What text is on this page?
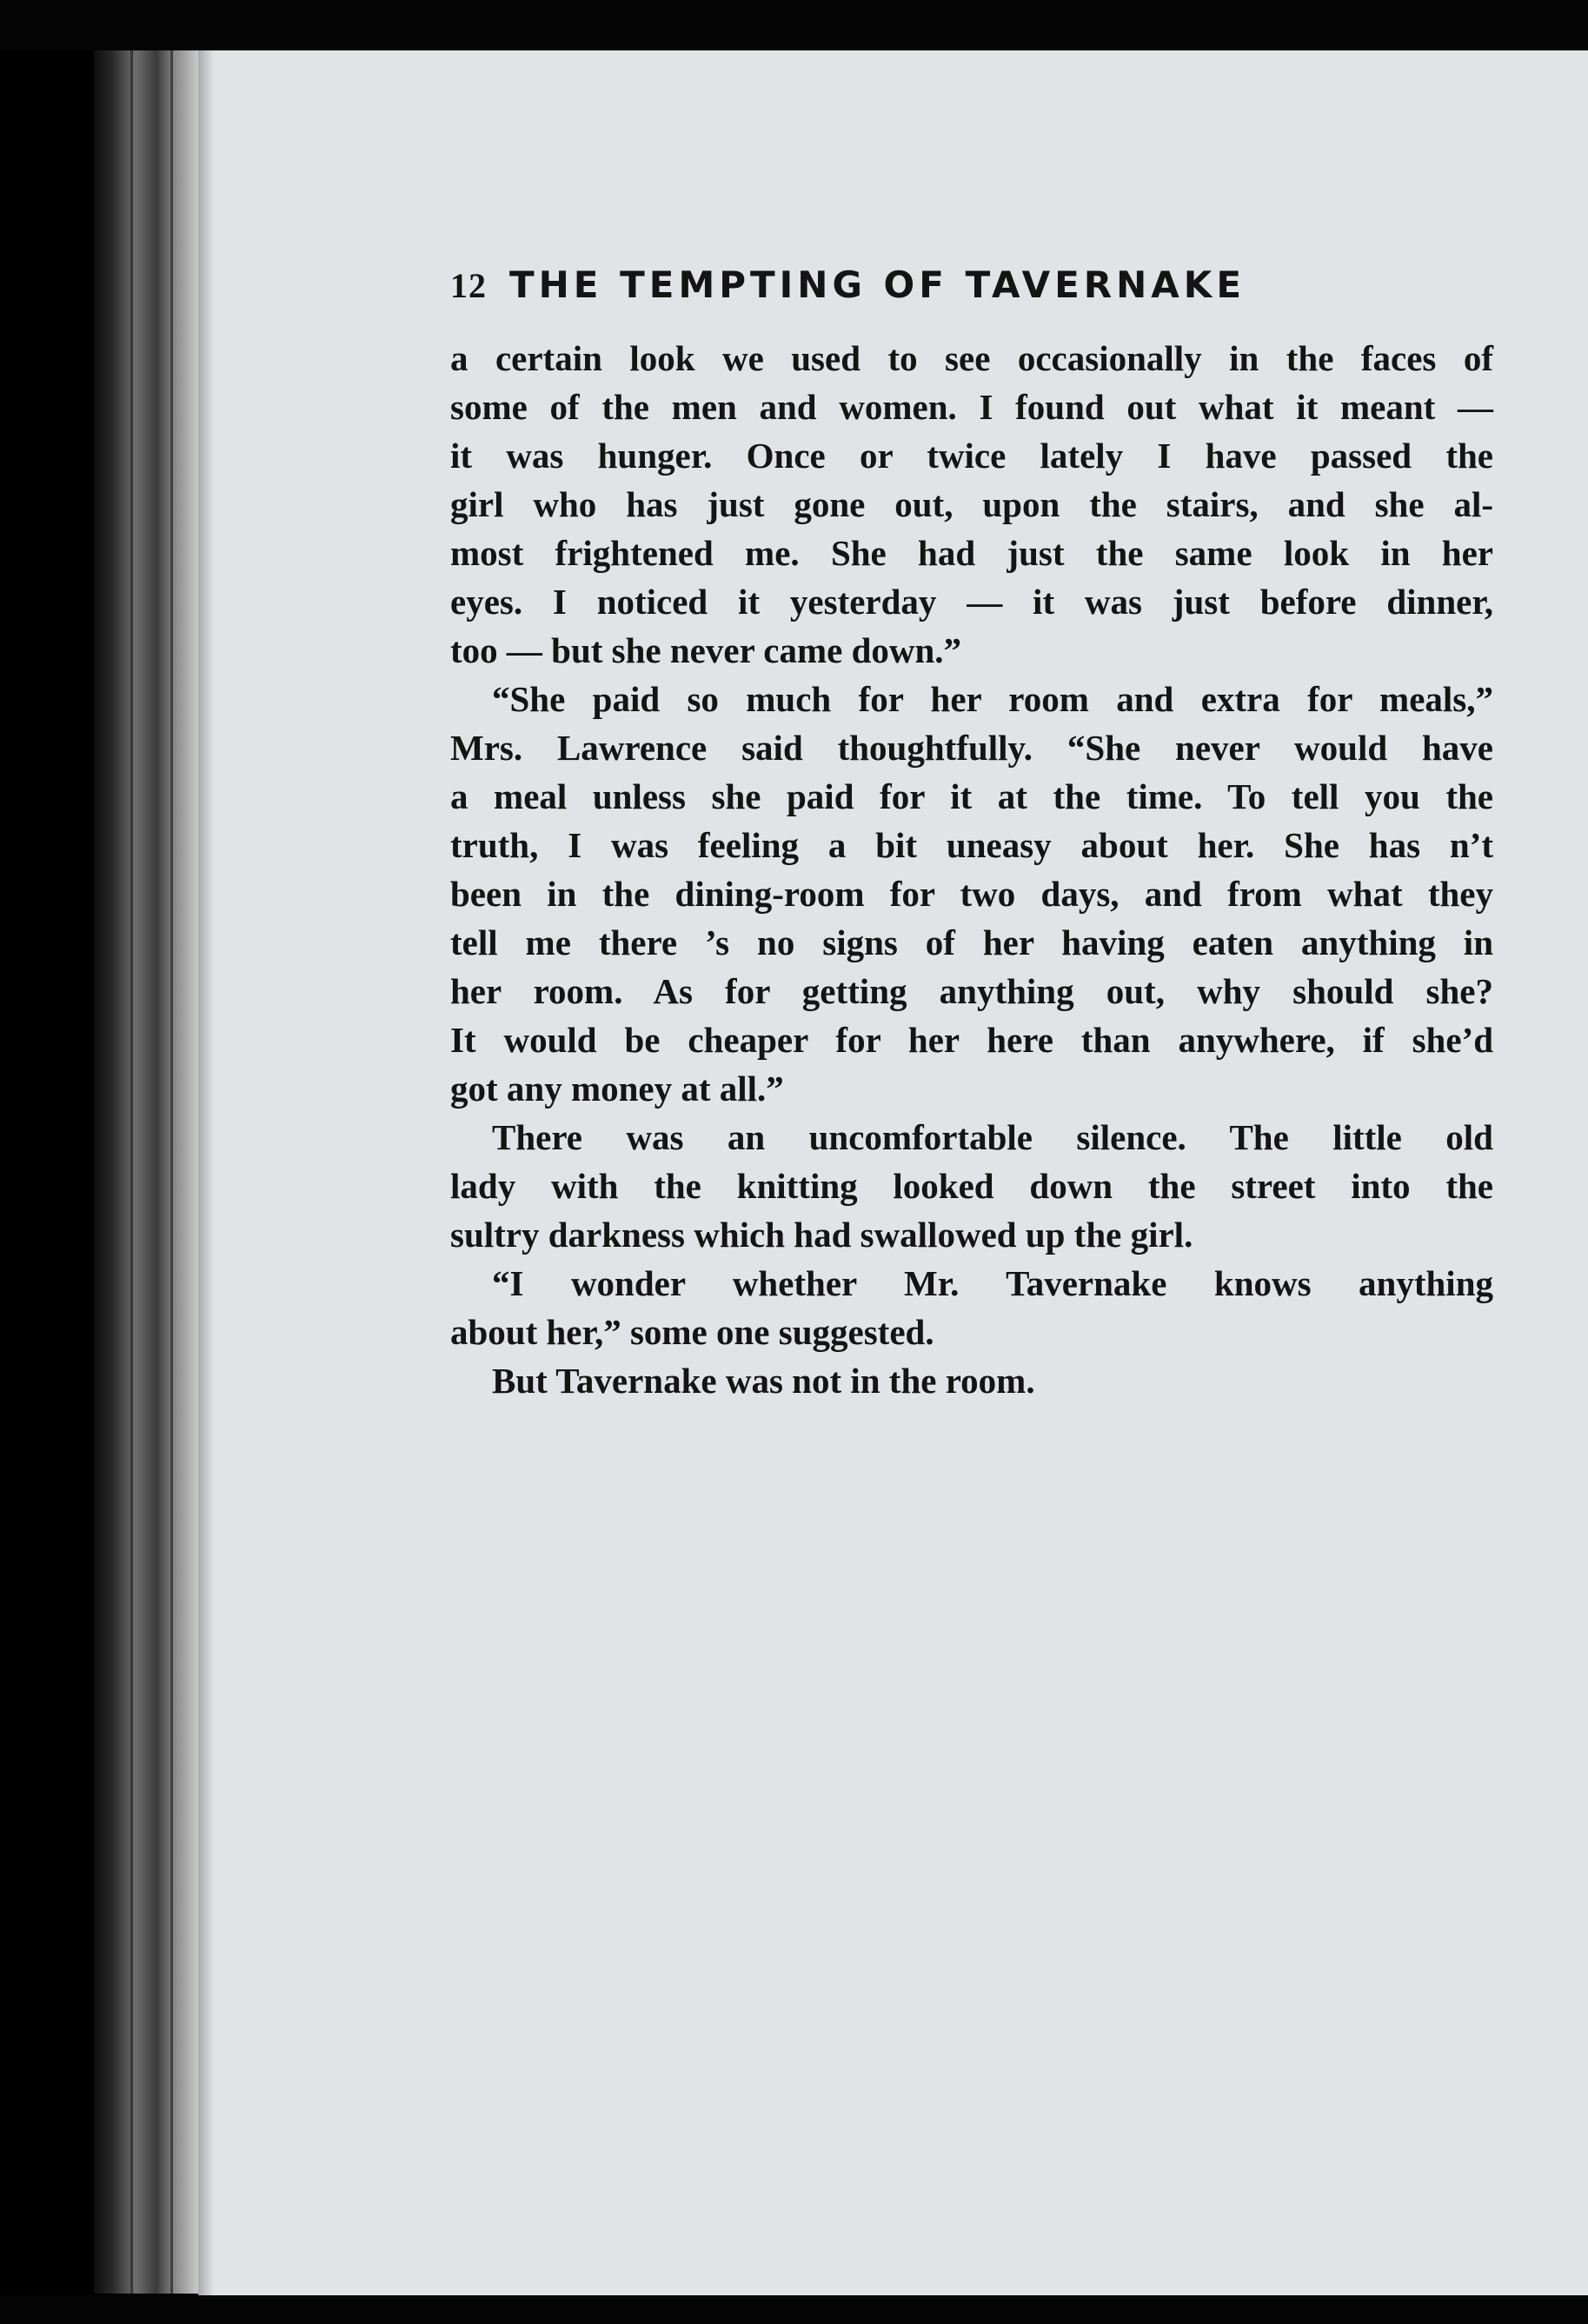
12 THE TEMPTING OF TAVERNAKE

a certain look we used to see occasionally in the faces of
some of the men and women. I found out what it meant —
it was hunger. Once or twice lately I have passed the
girl who has just gone out, upon the stairs, and she al-
most frightened me. She had just the same look in her
eyes. I noticed it yesterday — it was just before dinner,
too — but she never came down.”

“She paid so much for her room and extra for meals,”
Mrs. Lawrence said thoughtfully. “She never would have
a meal unless she paid for it at the time. To tell you the
truth, I was feeling a bit uneasy about her. She has n’t
been in the dining-room for two days, and from what they
tell me there ’s no signs of her having eaten anything in
her room. As for getting anything out, why should she?
It would be cheaper for her here than anywhere, if she’d
got any money at all.”

There was an uncomfortable silence. The little old
lady with the knitting looked down the street into the
sultry darkness which had swallowed up the girl.

“I wonder whether Mr. Tavernake knows anything
about her,” some one suggested.

But Tavernake was not in the room.
